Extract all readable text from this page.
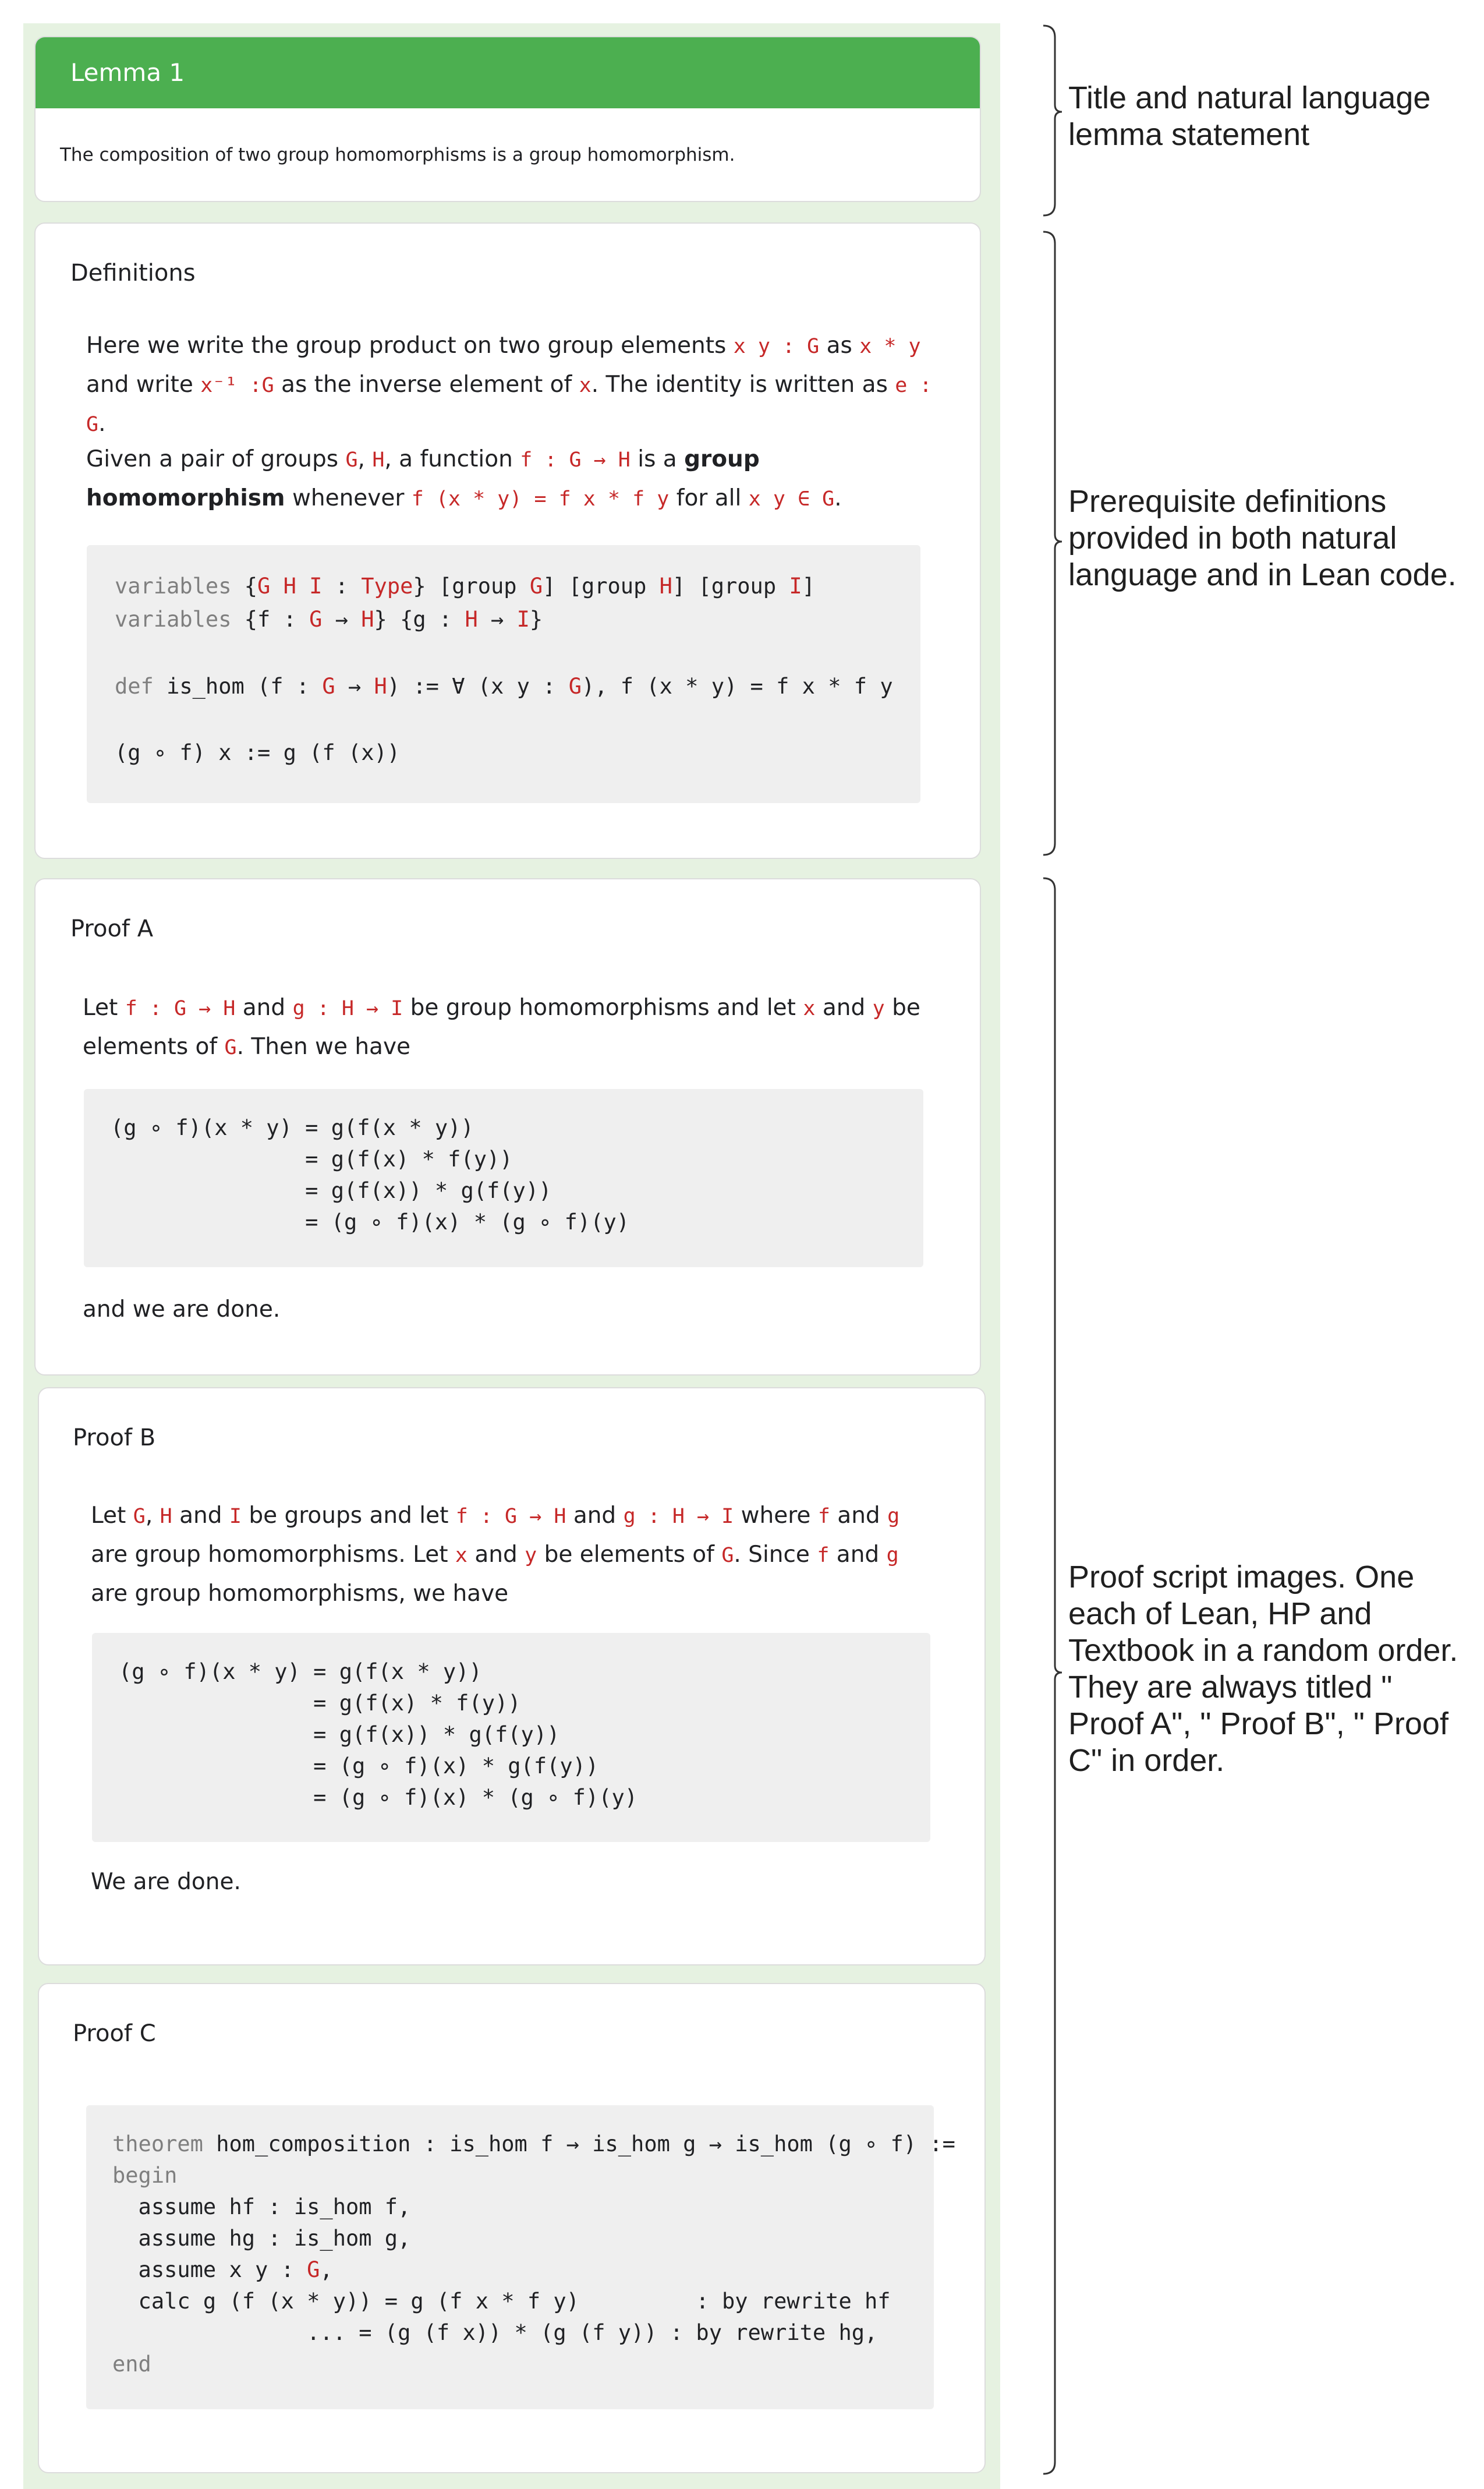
Lemma 1
The composition of two group homomorphisms is a group homomorphism.
Definitions
Here we write the group product on two group elements x y : G as x * y and write x⁻¹ :G as the inverse element of x. The identity is written as e : G.
Given a pair of groups G, H, a function f : G → H is a group homomorphism whenever f (x * y) = f x * f y for all x y ∈ G.
variables {G H I : Type} [group G] [group H] [group I]
variables {f : G → H} {g : H → I}
def is_hom (f : G → H) := ∀ (x y : G), f (x * y) = f x * f y
(g ∘ f) x := g (f (x))
Proof A
Let f : G → H and g : H → I be group homomorphisms and let x and y be elements of G. Then we have
(g ∘ f)(x * y) = g(f(x * y))
= g(f(x) * f(y))
= g(f(x)) * g(f(y))
= (g ∘ f)(x) * (g ∘ f)(y)
and we are done.
Proof B
Let G, H and I be groups and let f : G → H and g : H → I where f and g are group homomorphisms. Let x and y be elements of G. Since f and g are group homomorphisms, we have
(g ∘ f)(x * y) = g(f(x * y))
= g(f(x) * f(y))
= g(f(x)) * g(f(y))
= (g ∘ f)(x) * g(f(y))
= (g ∘ f)(x) * (g ∘ f)(y)
We are done.
Proof C
theorem hom_composition : is_hom f → is_hom g → is_hom (g ∘ f) :=
begin
assume hf : is_hom f,
assume hg : is_hom g,
assume x y : G,
calc g (f (x * y)) = g (f x * f y)         : by rewrite hf
... = (g (f x)) * (g (f y)) : by rewrite hg,
end
Title and natural language
lemma statement
Prerequisite definitions
provided in both natural
language and in Lean code.
Proof script images. One
each of Lean, HP and
Textbook in a random order.
They are always titled "
Proof A", " Proof B", " Proof
C" in order.
